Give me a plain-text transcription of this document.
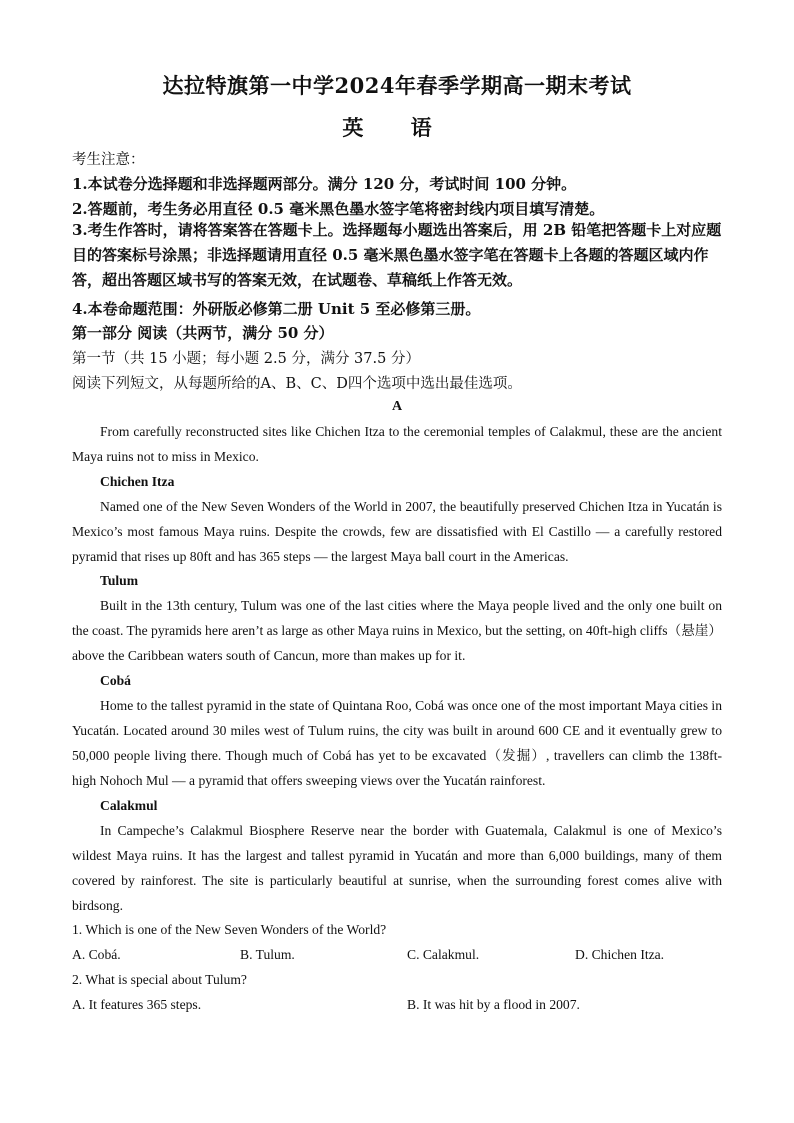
达拉特旗第一中学2024年春季学期高一期末考试
英 语
考生注意：
1.本试卷分选择题和非选择题两部分。满分 120 分，考试时间 100 分钟。
2.答题前，考生务必用直径 0.5 毫米黑色墨水签字笔将密封线内项目填写清楚。
3.考生作答时，请将答案答在答题卡上。选择题每小题选出答案后，用 2B 铅笔把答题卡上对应题目的答案标号涂黑；非选择题请用直径 0.5 毫米黑色墨水签字笔在答题卡上各题的答题区域内作答，超出答题区域书写的答案无效，在试题卷、草稿纸上作答无效。
4.本卷命题范围：外研版必修第二册 Unit 5 至必修第三册。
第一部分 阅读（共两节，满分 50 分）
第一节（共 15 小题；每小题 2.5 分，满分 37.5 分）
阅读下列短文，从每题所给的A、B、C、D四个选项中选出最佳选项。
A
From carefully reconstructed sites like Chichen Itza to the ceremonial temples of Calakmul, these are the ancient Maya ruins not to miss in Mexico.
Chichen Itza
Named one of the New Seven Wonders of the World in 2007, the beautifully preserved Chichen Itza in Yucatán is Mexico’s most famous Maya ruins. Despite the crowds, few are dissatisfied with El Castillo — a carefully restored pyramid that rises up 80ft and has 365 steps — the largest Maya ball court in the Americas.
Tulum
Built in the 13th century, Tulum was one of the last cities where the Maya people lived and the only one built on the coast. The pyramids here aren’t as large as other Maya ruins in Mexico, but the setting, on 40ft-high cliffs（悬崖） above the Caribbean waters south of Cancun, more than makes up for it.
Cobá
Home to the tallest pyramid in the state of Quintana Roo, Cobá was once one of the most important Maya cities in Yucatán. Located around 30 miles west of Tulum ruins, the city was built in around 600 CE and it eventually grew to 50,000 people living there. Though much of Cobá has yet to be excavated（发掘）, travellers can climb the 138ft-high Nohoch Mul — a pyramid that offers sweeping views over the Yucatán rainforest.
Calakmul
In Campeche’s Calakmul Biosphere Reserve near the border with Guatemala, Calakmul is one of Mexico’s wildest Maya ruins. It has the largest and tallest pyramid in Yucatán and more than 6,000 buildings, many of them covered by rainforest. The site is particularly beautiful at sunrise, when the surrounding forest comes alive with birdsong.
1. Which is one of the New Seven Wonders of the World?
A. Cobá.	B. Tulum.	C. Calakmul.	D. Chichen Itza.
2. What is special about Tulum?
A. It features 365 steps.	B. It was hit by a flood in 2007.
